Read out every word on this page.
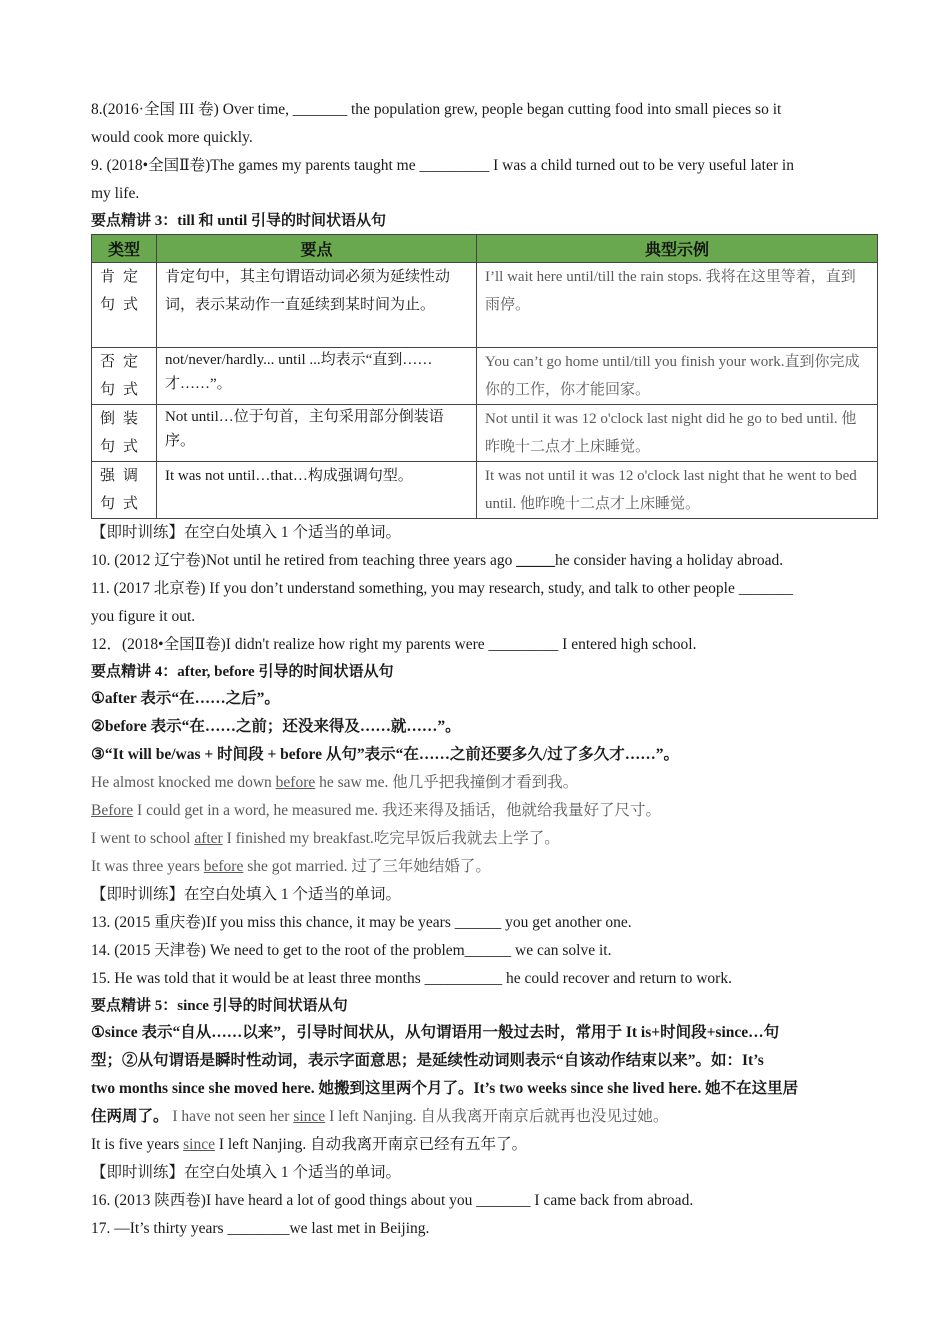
8.(2016·全国 III 卷) Over time, _______ the population grew, people began cutting food into small pieces so it

would cook more quickly.

9. (2018•全国Ⅱ卷)The games my parents taught me _________ I was a child turned out to be very useful later in

my life.

要点精讲 3：till 和 until 引导的时间状语从句

类型	要点	典型示例
肯定句式	肯定句中，其主句谓语动词必须为延续性动词，表示某动作一直延续到某时间为止。	I’ll wait here until/till the rain stops. 我将在这里等着，直到雨停。
否定句式	not/never/hardly... until ...均表示“直到……才……”。	You can’t go home until/till you finish your work.直到你完成你的工作，你才能回家。
倒装句式	Not until…位于句首，主句采用部分倒装语序。	Not until it was 12 o'clock last night did he go to bed until. 他昨晚十二点才上床睡觉。
强调句式	It was not until…that…构成强调句型。	It was not until it was 12 o'clock last night that he went to bed until. 他昨晚十二点才上床睡觉。

【即时训练】在空白处填入 1 个适当的单词。

10. (2012 辽宁卷)Not until he retired from teaching three years ago _____he consider having a holiday abroad.

11. (2017 北京卷) If you don’t understand something, you may research, study, and talk to other people _______

you figure it out.

12．(2018•全国Ⅱ卷)I didn't realize how right my parents were _________ I entered high school.

要点精讲 4：after, before 引导的时间状语从句

①after 表示“在……之后”。

②before 表示“在……之前；还没来得及……就……”。

③“It will be/was + 时间段 + before 从句”表示“在……之前还要多久/过了多久才……”。

He almost knocked me down before he saw me. 他几乎把我撞倒才看到我。

Before I could get in a word, he measured me. 我还来得及插话，他就给我量好了尺寸。

I went to school after I finished my breakfast.吃完早饭后我就去上学了。

It was three years before she got married. 过了三年她结婚了。

【即时训练】在空白处填入 1 个适当的单词。

13. (2015 重庆卷)If you miss this chance, it may be years ______ you get another one.

14. (2015 天津卷) We need to get to the root of the problem______ we can solve it.

15. He was told that it would be at least three months __________ he could recover and return to work.

要点精讲 5：since 引导的时间状语从句

①since 表示“自从……以来”，引导时间状从，从句谓语用一般过去时，常用于 It is+时间段+since…句

型；②从句谓语是瞬时性动词，表示字面意思；是延续性动词则表示“自该动作结束以来”。如：It’s

two months since she moved here. 她搬到这里两个月了。It’s two weeks since she lived here. 她不在这里居

住两周了。 I have not seen her since I left Nanjing. 自从我离开南京后就再也没见过她。

It is five years since I left Nanjing. 自动我离开南京已经有五年了。

【即时训练】在空白处填入 1 个适当的单词。

16. (2013 陕西卷)I have heard a lot of good things about you _______ I came back from abroad.

17. —It’s thirty years ________we last met in Beijing.
